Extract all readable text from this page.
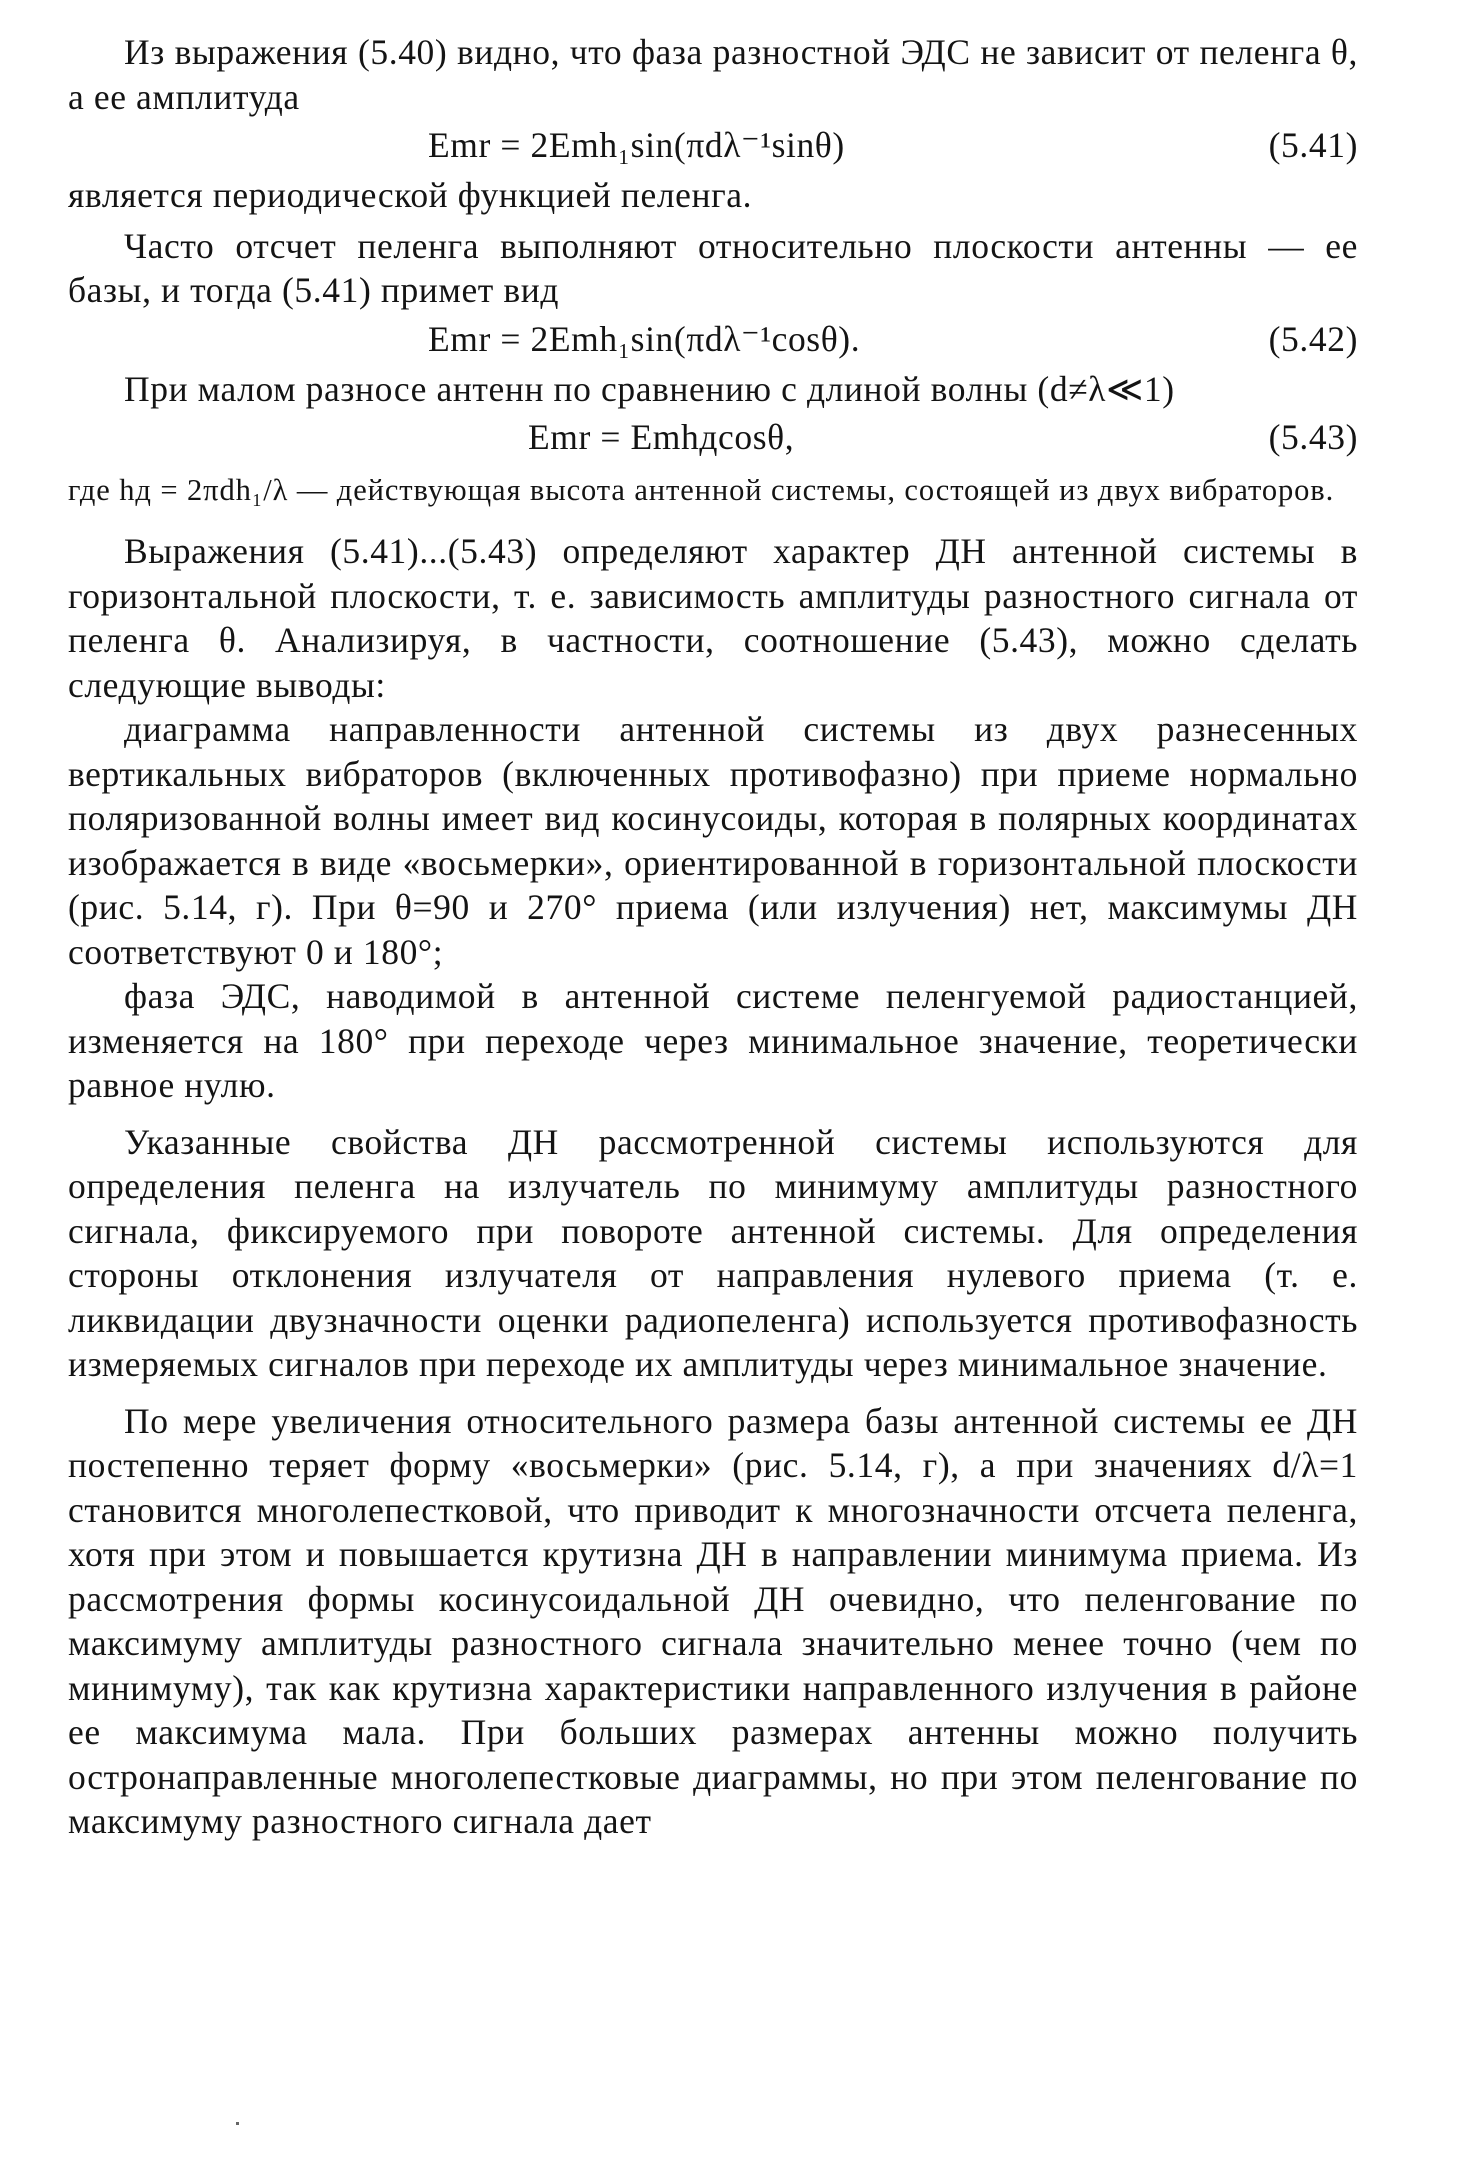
Из выражения (5.40) видно, что фаза разностной ЭДС не зависит от пеленга θ, а ее амплитуда

Emr = 2Emh₁sin(πdλ⁻¹sinθ)	(5.41)

является периодической функцией пеленга.

Часто отсчет пеленга выполняют относительно плоскости антенны — ее базы, и тогда (5.41) примет вид

Emr = 2Emh₁sin(πdλ⁻¹cosθ).	(5.42)

При малом разносе антенн по сравнению с длиной волны (d≠λ≪1)

Emr = Emhдcosθ,	(5.43)

где hд = 2πdh₁/λ — действующая высота антенной системы, состоящей из двух вибраторов.

Выражения (5.41)...(5.43) определяют характер ДН антенной системы в горизонтальной плоскости, т. е. зависимость амплитуды разностного сигнала от пеленга θ. Анализируя, в частности, соотношение (5.43), можно сделать следующие выводы:

диаграмма направленности антенной системы из двух разнесенных вертикальных вибраторов (включенных противофазно) при приеме нормально поляризованной волны имеет вид косинусоиды, которая в полярных координатах изображается в виде «восьмерки», ориентированной в горизонтальной плоскости (рис. 5.14, г). При θ=90 и 270° приема (или излучения) нет, максимумы ДН соответствуют 0 и 180°;

фаза ЭДС, наводимой в антенной системе пеленгуемой радиостанцией, изменяется на 180° при переходе через минимальное значение, теоретически равное нулю.

Указанные свойства ДН рассмотренной системы используются для определения пеленга на излучатель по минимуму амплитуды разностного сигнала, фиксируемого при повороте антенной системы. Для определения стороны отклонения излучателя от направления нулевого приема (т. е. ликвидации двузначности оценки радиопеленга) используется противофазность измеряемых сигналов при переходе их амплитуды через минимальное значение.

По мере увеличения относительного размера базы антенной системы ее ДН постепенно теряет форму «восьмерки» (рис. 5.14, г), а при значениях d/λ=1 становится многолепестковой, что приводит к многозначности отсчета пеленга, хотя при этом и повышается крутизна ДН в направлении минимума приема. Из рассмотрения формы косинусоидальной ДН очевидно, что пеленгование по максимуму амплитуды разностного сигнала значительно менее точно (чем по минимуму), так как крутизна характеристики направленного излучения в районе ее максимума мала. При больших размерах антенны можно получить остронаправленные многолепестковые диаграммы, но при этом пеленгование по максимуму разностного сигнала дает
